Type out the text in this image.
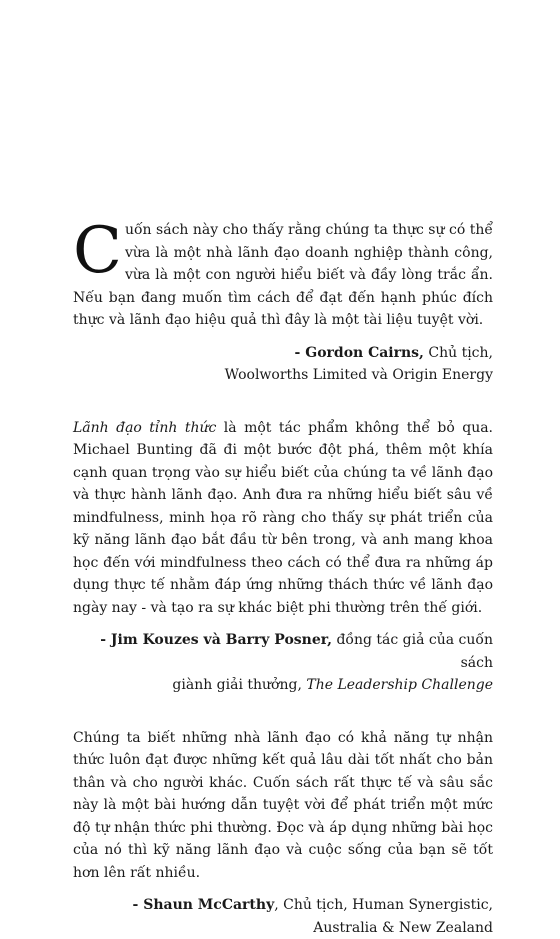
Cuốn sách này cho thấy rằng chúng ta thực sự có thể vừa là một nhà lãnh đạo doanh nghiệp thành công, vừa là một con người hiểu biết và đầy lòng trắc ẩn. Nếu bạn đang muốn tìm cách để đạt đến hạnh phúc đích thực và lãnh đạo hiệu quả thì đây là một tài liệu tuyệt vời.

- Gordon Cairns, Chủ tịch,
Woolworths Limited và Origin Energy

Lãnh đạo tỉnh thức là một tác phẩm không thể bỏ qua. Michael Bunting đã đi một bước đột phá, thêm một khía cạnh quan trọng vào sự hiểu biết của chúng ta về lãnh đạo và thực hành lãnh đạo. Anh đưa ra những hiểu biết sâu về mindfulness, minh họa rõ ràng cho thấy sự phát triển của kỹ năng lãnh đạo bắt đầu từ bên trong, và anh mang khoa học đến với mindfulness theo cách có thể đưa ra những áp dụng thực tế nhằm đáp ứng những thách thức về lãnh đạo ngày nay - và tạo ra sự khác biệt phi thường trên thế giới.

- Jim Kouzes và Barry Posner, đồng tác giả của cuốn sách
giành giải thưởng, The Leadership Challenge

Chúng ta biết những nhà lãnh đạo có khả năng tự nhận thức luôn đạt được những kết quả lâu dài tốt nhất cho bản thân và cho người khác. Cuốn sách rất thực tế và sâu sắc này là một bài hướng dẫn tuyệt vời để phát triển một mức độ tự nhận thức phi thường. Đọc và áp dụng những bài học của nó thì kỹ năng lãnh đạo và cuộc sống của bạn sẽ tốt hơn lên rất nhiều.

- Shaun McCarthy, Chủ tịch, Human Synergistic,
Australia & New Zealand
